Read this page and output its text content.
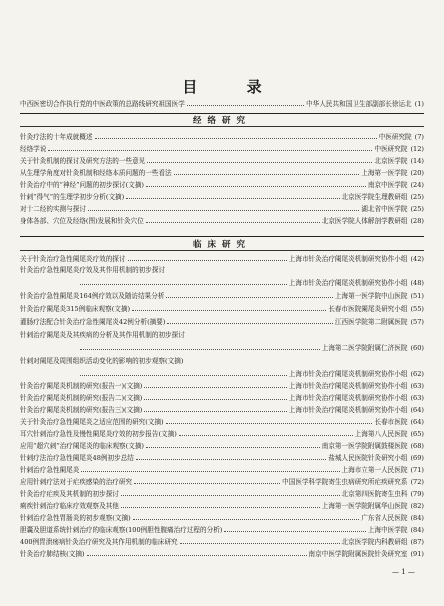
目 录
中西医密切合作执行党的中医政策的总路线研究祖国医学	中华人民共和国卫生部副部长徐运北 (1)
经络研究
针灸疗法的十年成就概述	中医研究院 (7)
经络学说	中医研究院 (12)
关于针灸机制的探讨及研究方法的一些意见	北京医学院 (14)
从生理学角度对针灸机制和经络本质问题的一些看法	上海第一医学院 (20)
针灸治疗中的“神经”问题的初步探讨(文摘)	南京中医学院 (24)
针刺“得气”的生理学初步分析(文摘)	北京医学院生理教研组 (25)
对十二经的实测与探讨	湖北省中医学院 (25)
身体各部、穴位及经络(图)发展和针灸穴位	北京医学院人体解剖学教研组 (28)
临床研究
关于针灸治疗急性阑尾炎疗效的探讨	上海市针灸治疗阑尾炎机制研究协作小组 (42)
针灸治疗急性阑尾炎疗效及其作用机制的初步探讨
上海市针灸治疗阑尾炎机制研究协作小组 (48)
针灸治疗急性阑尾炎164例疗效以及随访结果分析	上海第一医学院中山医院 (51)
针灸治疗阑尾炎315例临床观察(文摘)	长春市医院阑尾炎研究小组 (55)
灌肠疗法配合针灸治疗急性阑尾炎42例分析(摘要)	江西医学院第二附属医院 (57)
针刺治疗阑尾炎及其疾病的分析及其作用机制的初步探讨
上海第二医学院附属仁济医院 (60)
针刺对阑尾及周围组织活动变化的影响的初步观察(文摘)
上海市针灸治疗阑尾炎机制研究协作小组 (62)
针灸治疗阑尾炎机制的研究(报告一)(文摘)	上海市针灸治疗阑尾炎机制研究协作小组 (63)
针灸治疗阑尾炎机制的研究(报告二)(文摘)	上海市针灸治疗阑尾炎机制研究协作小组 (63)
针灸治疗阑尾炎机制的研究(报告三)(文摘)	上海市针灸治疗阑尾炎机制研究协作小组 (64)
关于针灸治疗急性阑尾炎之适应范围的研究(文摘)	长春市医院 (64)
耳穴针刺治疗急性及慢性阑尾炎疗效的初步报告(文摘)	上海第八人民医院 (65)
应用“超穴刺”治疗阑尾炎的临床观察(文摘)	南京第一医学院附属鼓楼医院 (68)
针刺疗法治疗急性阑尾炎48例初步总结	盐城人民医院针灸研究小组 (69)
针刺治疗急性阑尾炎	上海市立第一人民医院 (71)
应用针刺疗法对于疟疾感染的治疗研究	中国医学科学院寄生虫病研究所疟疾研究系 (72)
针灸治疗疟疾及其机制的初步探讨	北京第四医院寄生虫科 (79)
痢疾针刺治疗临床疗效观察及其他	上海第一医学院附属华山医院 (82)
针刺治疗急性胃肠炎的初步观察(文摘)	广东省人民医院 (84)
胆囊及胆道系统针刺治疗的临床观察(100例胆性腹痛治疗过程的分析)	上海中医学院 (84)
400例胃溃疡病针灸治疗研究及其作用机制的临床研究	北京医学院内科教研组 (87)
针灸治疗肺结核(文摘)	南京中医学院附属医院针灸研究室 (91)
— 1 —
